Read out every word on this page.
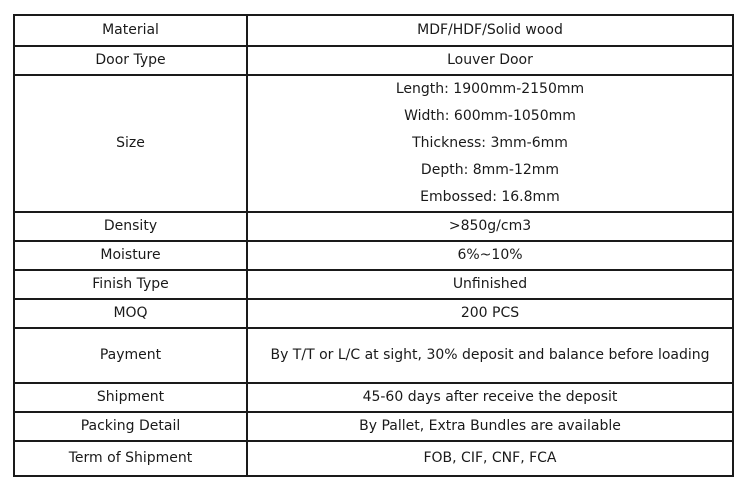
Material	MDF/HDF/Solid wood
Door Type	Louver Door
Size	Length: 1900mm-2150mm
Width: 600mm-1050mm
Thickness: 3mm-6mm
Depth: 8mm-12mm
Embossed: 16.8mm

Density	>850g/cm3
Moisture	6%~10%
Finish Type	Unfinished
MOQ	200 PCS
Payment	By T/T or L/C at sight, 30% deposit and balance before loading
Shipment	45-60 days after receive the deposit
Packing Detail	By Pallet, Extra Bundles are available
Term of Shipment	FOB, CIF, CNF, FCA
